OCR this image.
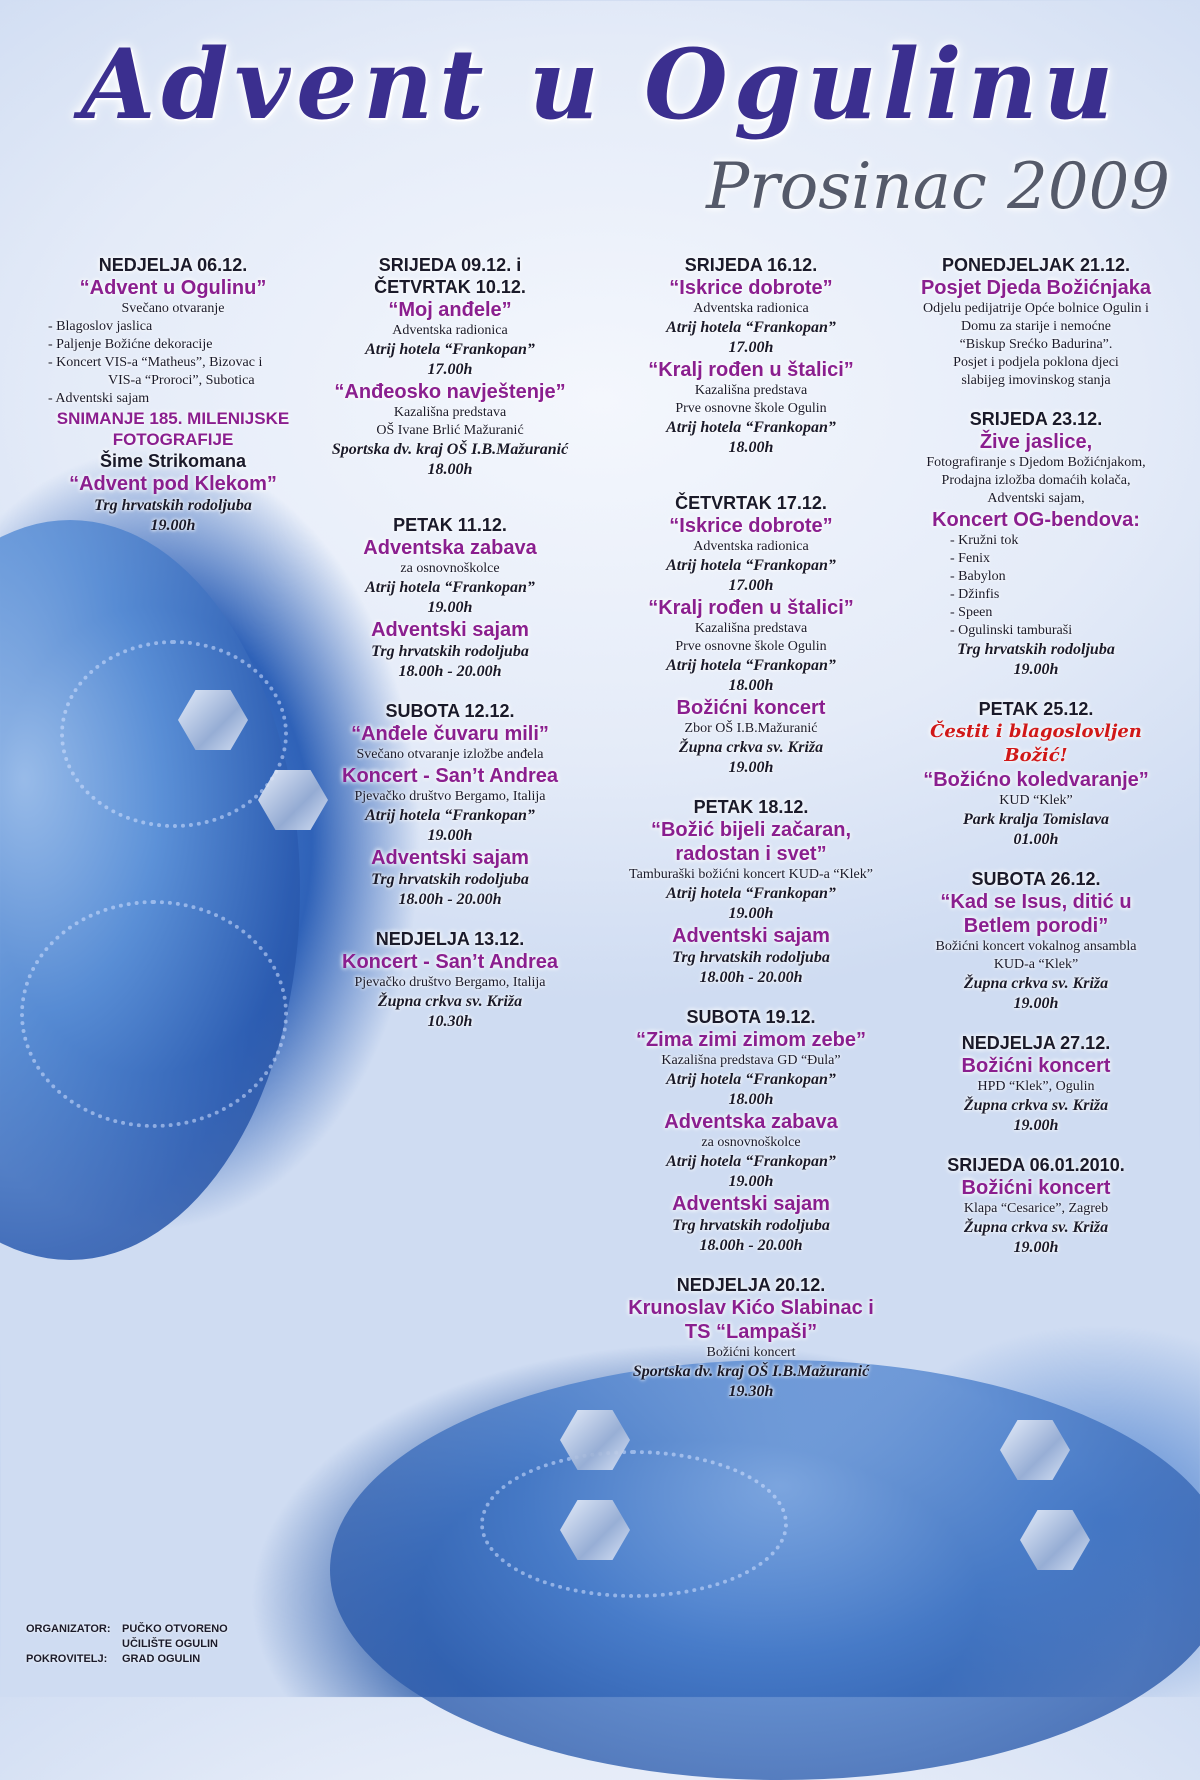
Advent u Ogulinu
Prosinac 2009

NEDJELJA 06.12.

“Advent u Ogulinu”

Svečano otvaranje

- Blagoslov jaslica
- Paljenje Božićne dekoracije
- Koncert VIS-a “Matheus”, Bizovac i
VIS-a “Proroci”, Subotica
- Adventski sajam

SNIMANJE 185. MILENIJSKE FOTOGRAFIJE

Šime Strikomana

“Advent pod Klekom”

Trg hrvatskih rodoljuba

19.00h

SRIJEDA 09.12. i

ČETVRTAK 10.12.

“Moj anđele”

Adventska radionica

Atrij hotela “Frankopan”

17.00h

“Anđeosko navještenje”

Kazališna predstava

OŠ Ivane Brlić Mažuranić

Sportska dv. kraj OŠ I.B.Mažuranić

18.00h

PETAK 11.12.

Adventska zabava

za osnovnoškolce

Atrij hotela “Frankopan”

19.00h

Adventski sajam

Trg hrvatskih rodoljuba

18.00h - 20.00h

SUBOTA 12.12.

“Anđele čuvaru mili”

Svečano otvaranje izložbe anđela

Koncert - San’t Andrea

Pjevačko društvo Bergamo, Italija

Atrij hotela “Frankopan”

19.00h

Adventski sajam

Trg hrvatskih rodoljuba

18.00h - 20.00h

NEDJELJA 13.12.

Koncert - San’t Andrea

Pjevačko društvo Bergamo, Italija

Župna crkva sv. Križa

10.30h

SRIJEDA 16.12.

“Iskrice dobrote”

Adventska radionica

Atrij hotela “Frankopan”

17.00h

“Kralj rođen u štalici”

Kazališna predstava

Prve osnovne škole Ogulin

Atrij hotela “Frankopan”

18.00h

ČETVRTAK 17.12.

“Iskrice dobrote”

Adventska radionica

Atrij hotela “Frankopan”

17.00h

“Kralj rođen u štalici”

Kazališna predstava

Prve osnovne škole Ogulin

Atrij hotela “Frankopan”

18.00h

Božićni koncert

Zbor OŠ I.B.Mažuranić

Župna crkva sv. Križa

19.00h

PETAK 18.12.

“Božić bijeli začaran,

radostan i svet”

Tamburaški božićni koncert KUD-a “Klek”

Atrij hotela “Frankopan”

19.00h

Adventski sajam

Trg hrvatskih rodoljuba

18.00h - 20.00h

SUBOTA 19.12.

“Zima zimi zimom zebe”

Kazališna predstava GD “Đula”

Atrij hotela “Frankopan”

18.00h

Adventska zabava

za osnovnoškolce

Atrij hotela “Frankopan”

19.00h

Adventski sajam

Trg hrvatskih rodoljuba

18.00h - 20.00h

NEDJELJA 20.12.

Krunoslav Kićo Slabinac i

TS “Lampaši”

Božićni koncert

Sportska dv. kraj OŠ I.B.Mažuranić

19.30h

PONEDJELJAK 21.12.

Posjet Djeda Božićnjaka

Odjelu pedijatrije Opće bolnice Ogulin i

Domu za starije i nemoćne

“Biskup Srećko Badurina”.

Posjet i podjela poklona djeci

slabijeg imovinskog stanja

SRIJEDA 23.12.

Žive jaslice,

Fotografiranje s Djedom Božićnjakom,

Prodajna izložba domaćih kolača,

Adventski sajam,

Koncert OG-bendova:

- Kružni tok
- Fenix
- Babylon
- Džinfis
- Speen
- Ogulinski tamburaši

Trg hrvatskih rodoljuba

19.00h

PETAK 25.12.

Čestit i blagoslovljen

Božić!

“Božićno koledvaranje”

KUD “Klek”

Park kralja Tomislava

01.00h

SUBOTA 26.12.

“Kad se Isus, ditić u

Betlem porodi”

Božićni koncert vokalnog ansambla

KUD-a “Klek”

Župna crkva sv. Križa

19.00h

NEDJELJA 27.12.

Božićni koncert

HPD “Klek”, Ogulin

Župna crkva sv. Križa

19.00h

SRIJEDA 06.01.2010.

Božićni koncert

Klapa “Cesarice”, Zagreb

Župna crkva sv. Križa

19.00h

ORGANIZATOR:	PUČKO OTVORENO
UČILIŠTE OGULIN
POKROVITELJ:	GRAD OGULIN
